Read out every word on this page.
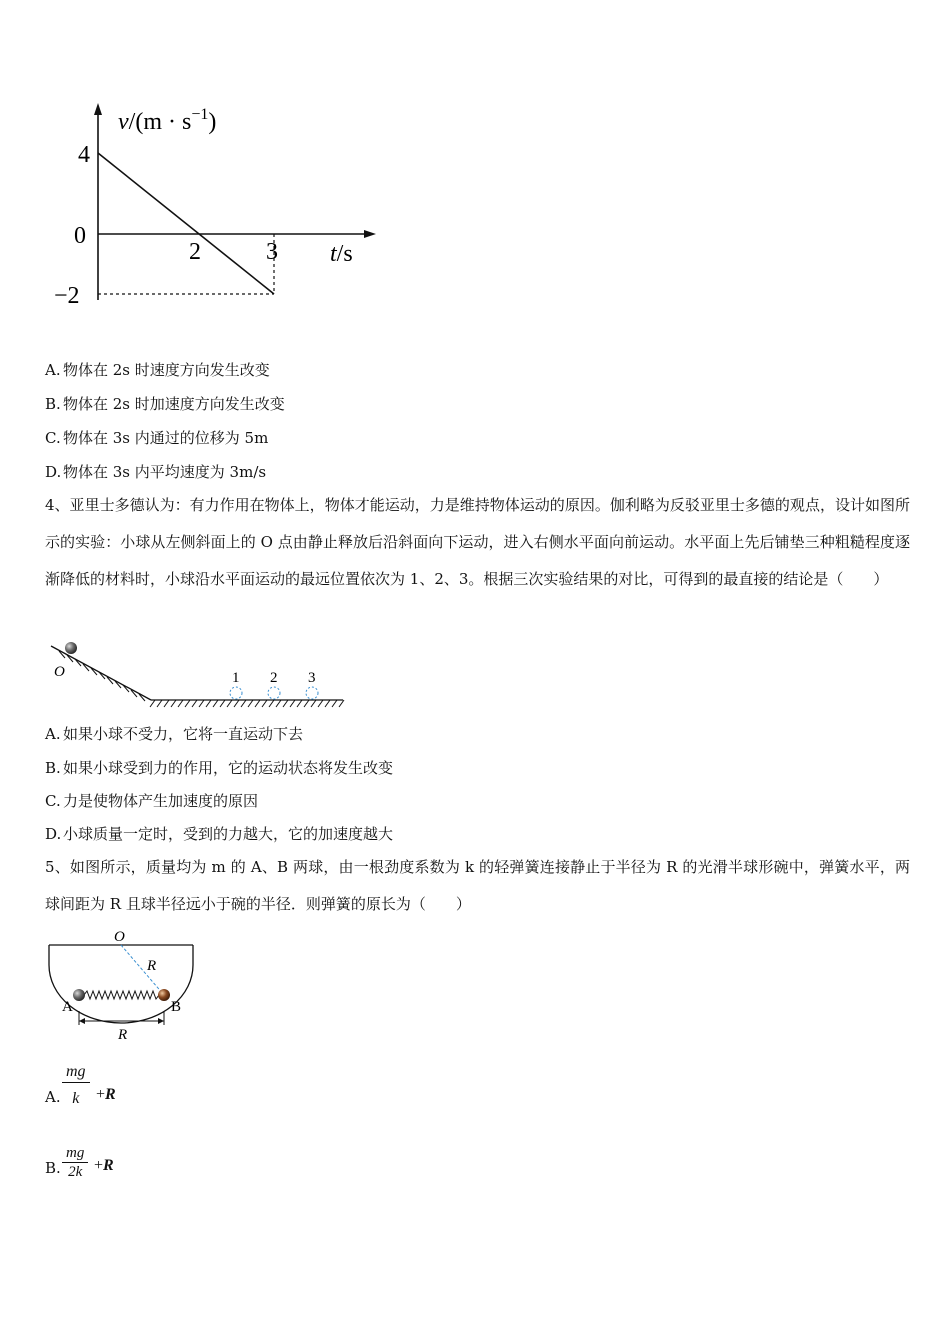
$v/(m \cdot s^{-1})$
4
0
−2
2	3 t/s
A. 物体在 2s 时速度方向发生改变
B. 物体在 2s 时加速度方向发生改变
C. 物体在 3s 内通过的位移为 5m
D. 物体在 3s 内平均速度为 3m/s
4、亚里士多德认为：有力作用在物体上，物体才能运动，力是维持物体运动的原因。伽利略为反驳亚里士多德的观点，设计如图所示的实验：小球从左侧斜面上的 O 点由静止释放后沿斜面向下运动，进入右侧水平面向前运动。水平面上先后铺垫三种粗糙程度逐渐降低的材料时，小球沿水平面运动的最远位置依次为 1、2、3。根据三次实验结果的对比，可得到的最直接的结论是（　　）
O	1 2 3
A. 如果小球不受力，它将一直运动下去
B. 如果小球受到力的作用，它的运动状态将发生改变
C. 力是使物体产生加速度的原因
D. 小球质量一定时，受到的力越大，它的加速度越大
5、如图所示，质量均为 m 的 A、B 两球，由一根劲度系数为 k 的轻弹簧连接静止于半径为 R 的光滑半球形碗中，弹簧水平，两球间距为 R 且球半径远小于碗的半径．则弹簧的原长为（　　）
O
R
A	B
R
A.
mg
k	+R
B.
mg
2k +R
